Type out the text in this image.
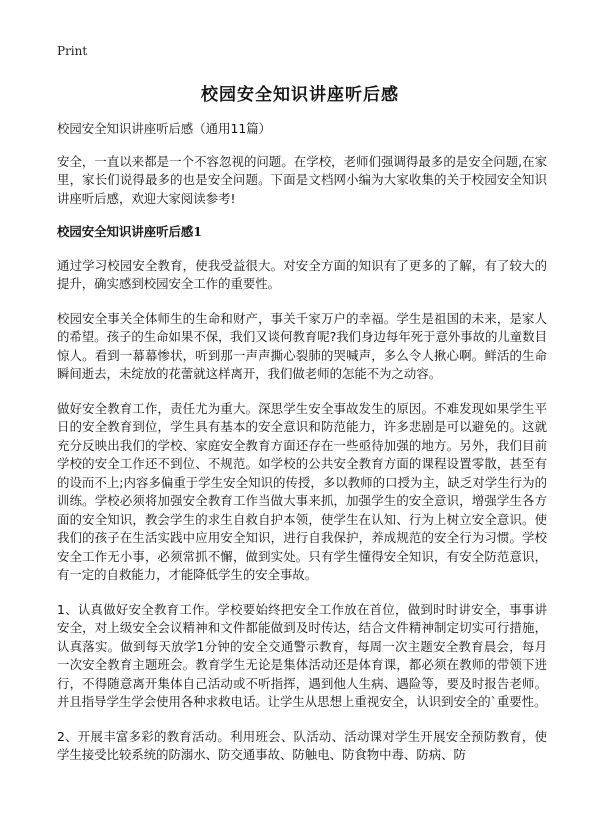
Print
校园安全知识讲座听后感

校园安全知识讲座听后感（通用11篇）

安全，一直以来都是一个不容忽视的问题。在学校，老师们强调得最多的是安全问题,在家里，家长们说得最多的也是安全问题。下面是文档网小编为大家收集的关于校园安全知识讲座听后感，欢迎大家阅读参考!

校园安全知识讲座听后感1

通过学习校园安全教育，使我受益很大。对安全方面的知识有了更多的了解，有了较大的提升，确实感到校园安全工作的重要性。

校园安全事关全体师生的生命和财产，事关千家万户的幸福。学生是祖国的未来，是家人的希望。孩子的生命如果不保，我们又谈何教育呢?我们身边每年死于意外事故的儿童数目惊人。看到一幕幕惨状，听到那一声声撕心裂肺的哭喊声，多么令人揪心啊。鲜活的生命瞬间逝去，未绽放的花蕾就这样离开，我们做老师的怎能不为之动容。

做好安全教育工作，责任尤为重大。深思学生安全事故发生的原因。不难发现如果学生平日的安全教育到位，学生具有基本的安全意识和防范能力，许多悲剧是可以避免的。这就充分反映出我们的学校、家庭安全教育方面还存在一些亟待加强的地方。另外，我们目前学校的安全工作还不到位、不规范。如学校的公共安全教育方面的课程设置零散，甚至有的设而不上;内容多偏重于学生安全知识的传授，多以教师的口授为主，缺乏对学生行为的训练。学校必须将加强安全教育工作当做大事来抓，加强学生的安全意识，增强学生各方面的安全知识，教会学生的求生自救自护本领，使学生在认知、行为上树立安全意识。使我们的孩子在生活实践中应用安全知识，进行自我保护，养成规范的安全行为习惯。学校安全工作无小事，必须常抓不懈，做到实处。只有学生懂得安全知识，有安全防范意识，有一定的自救能力，才能降低学生的安全事故。

1、认真做好安全教育工作。学校要始终把安全工作放在首位，做到时时讲安全，事事讲安全，对上级安全会议精神和文件都能做到及时传达，结合文件精神制定切实可行措施，认真落实。做到每天放学1分钟的安全交通警示教育，每周一次主题安全教育晨会，每月一次安全教育主题班会。教育学生无论是集体活动还是体育课，都必须在教师的带领下进行，不得随意离开集体自己活动或不听指挥，遇到他人生病、遇险等，要及时报告老师。并且指导学生学会使用各种求救电话。让学生从思想上重视安全，认识到安全的`重要性。

2、开展丰富多彩的教育活动。利用班会、队活动、活动课对学生开展安全预防教育，使学生接受比较系统的防溺水、防交通事故、防触电、防食物中毒、防病、防
